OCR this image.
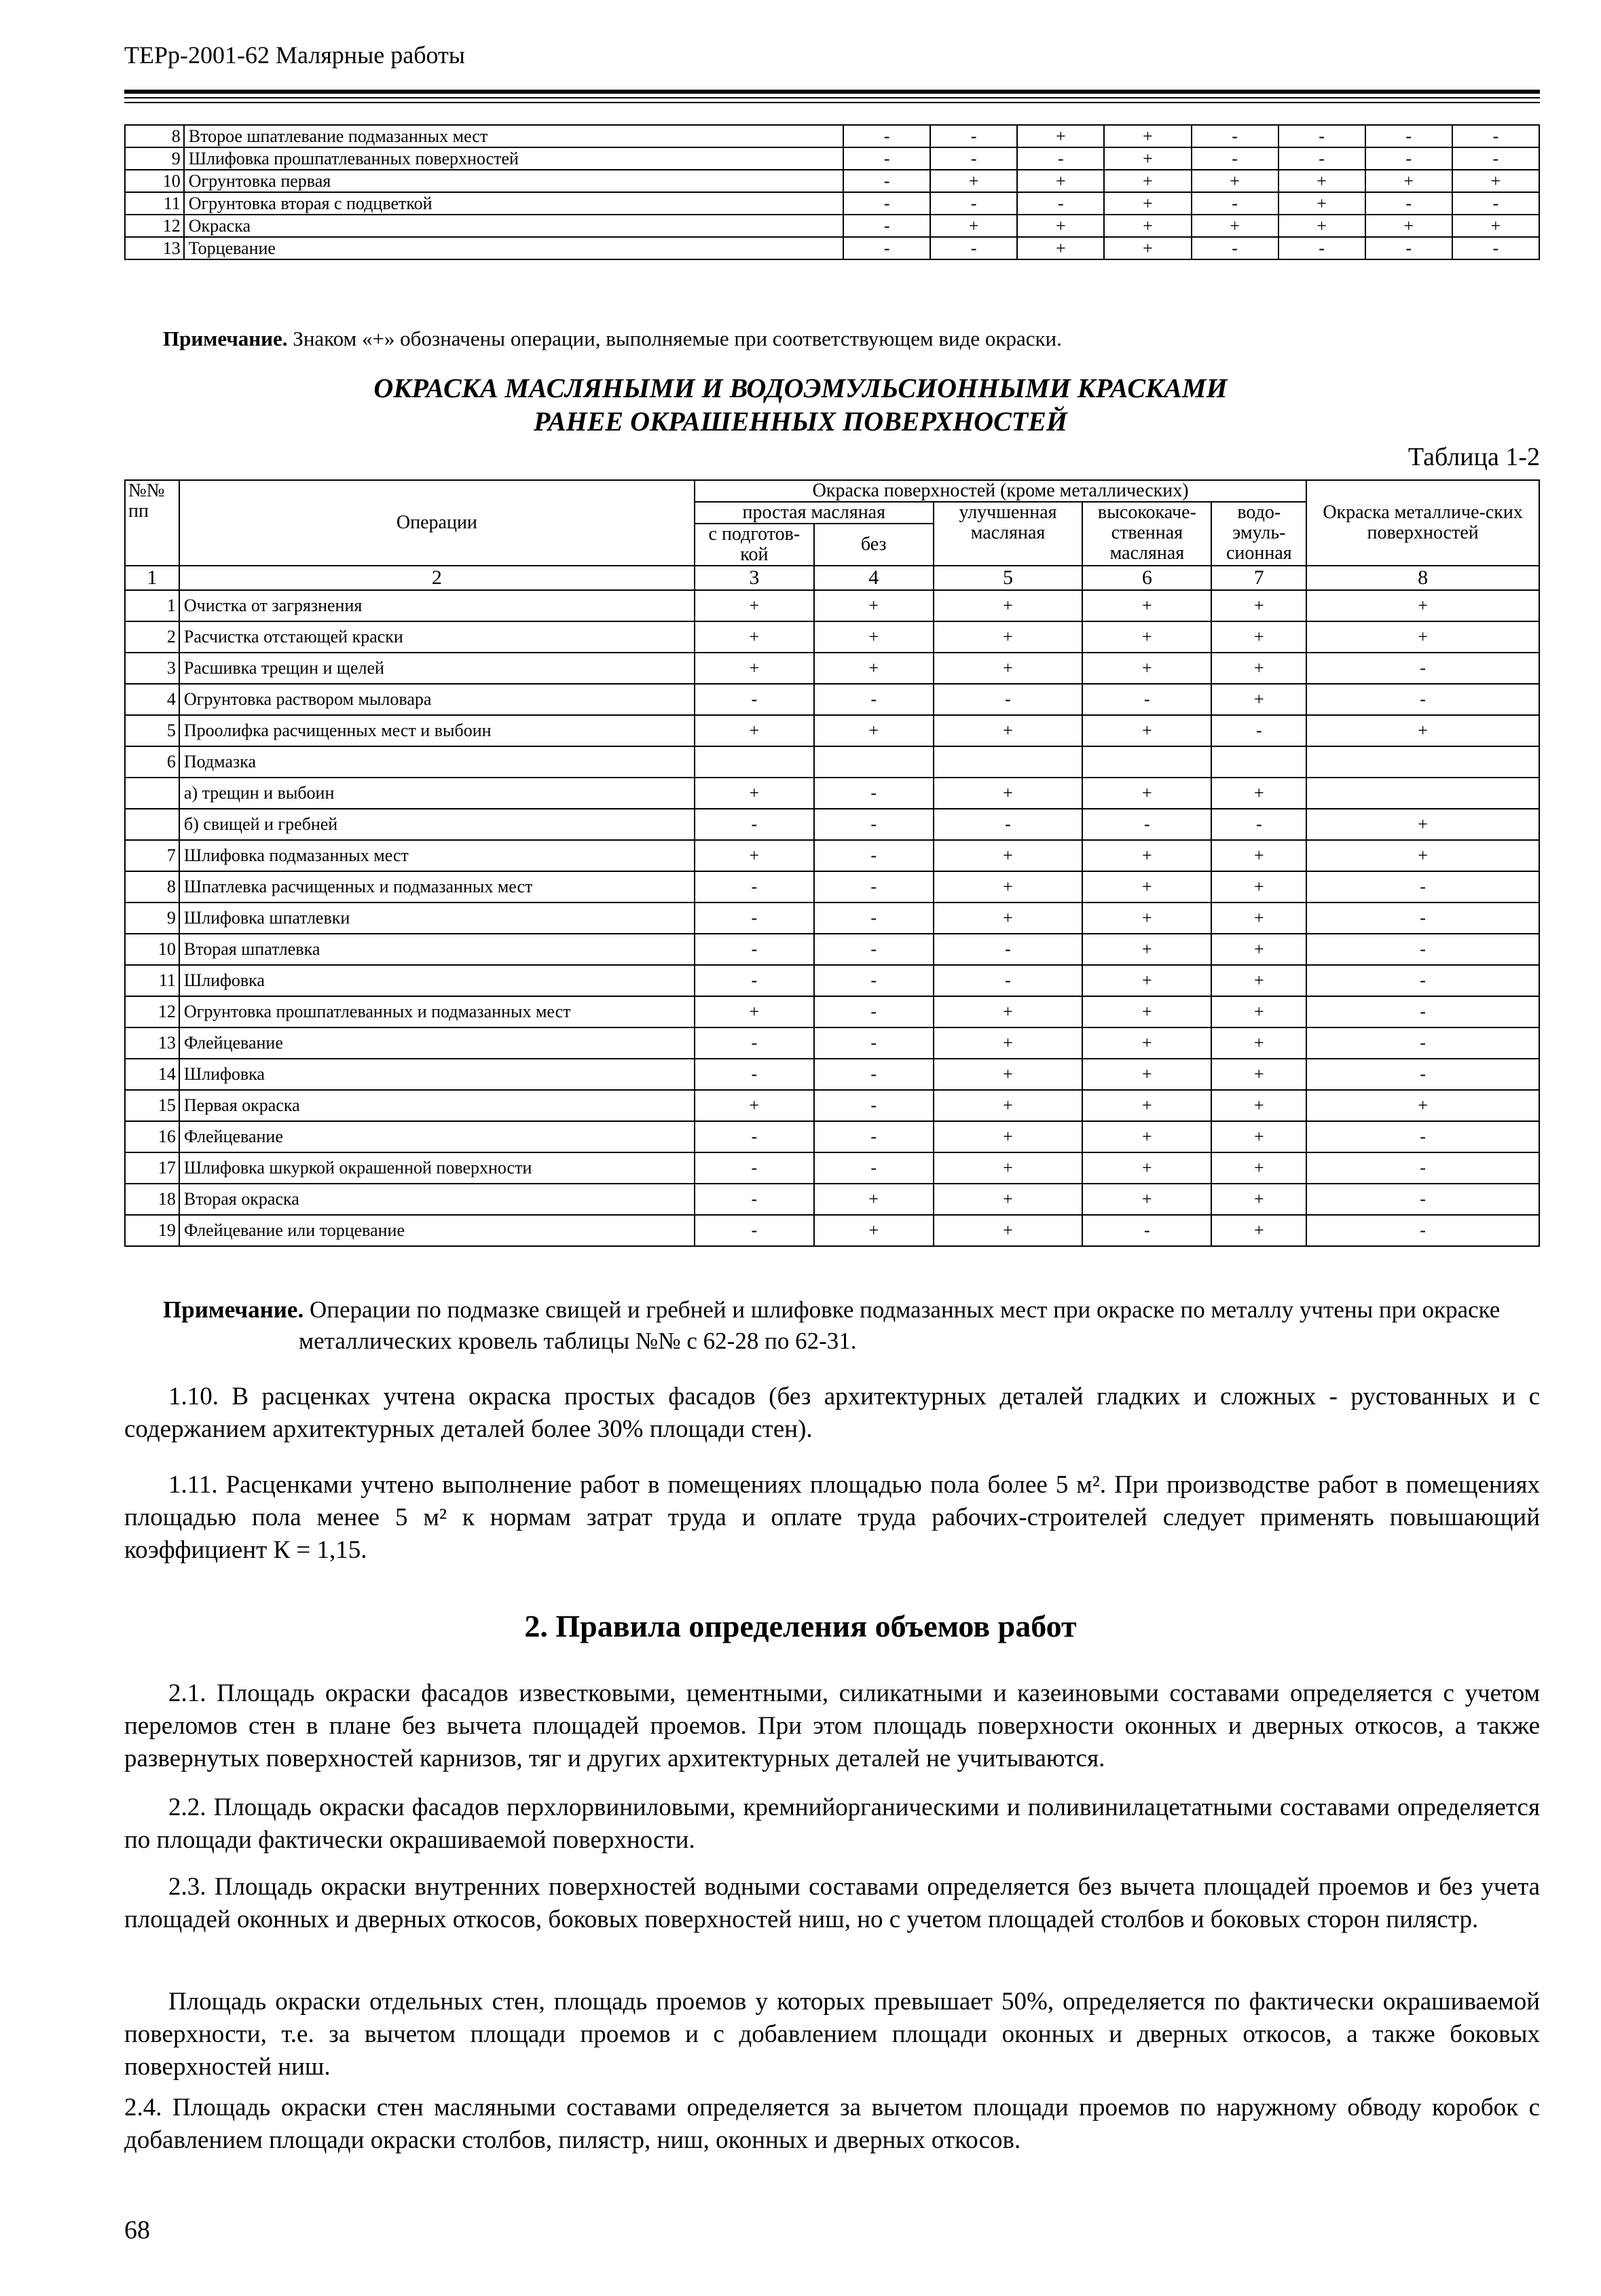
ТЕРр-2001-62 Малярные работы
8	Второе шпатлевание подмазанных мест	-	-	+	+	-	-	-	-
9	Шлифовка прошпатлеванных поверхностей	-	-	-	+	-	-	-	-
10	Огрунтовка первая	-	+	+	+	+	+	+	+
11	Огрунтовка вторая с подцветкой	-	-	-	+	-	+	-	-
12	Окраска	-	+	+	+	+	+	+	+
13	Торцевание	-	-	+	+	-	-	-	-
Примечание. Знаком «+» обозначены операции, выполняемые при соответствующем виде окраски.
ОКРАСКА МАСЛЯНЫМИ И ВОДОЭМУЛЬСИОННЫМИ КРАСКАМИ
РАНЕЕ ОКРАШЕННЫХ ПОВЕРХНОСТЕЙ
Таблица 1-2
№№ пп	Операции	Окраска поверхностей (кроме металлических)					Окраска металличе-ских поверхностей
		простая масляная		улучшенная масляная	высококаче-ственная масляная	водо-эмуль-сионная	
		с подготов-кой	без				
1	2	3	4	5	6	7	8
1	Очистка от загрязнения	+	+	+	+	+	+
2	Расчистка отстающей краски	+	+	+	+	+	+
3	Расшивка трещин и щелей	+	+	+	+	+	-
4	Огрунтовка раствором мыловара	-	-	-	-	+	-
5	Проолифка расчищенных мест и выбоин	+	+	+	+	-	+
6	Подмазка						
	а) трещин и выбоин	+	-	+	+	+	
	б) свищей и гребней	-	-	-	-	-	+
7	Шлифовка подмазанных мест	+	-	+	+	+	+
8	Шпатлевка расчищенных и подмазанных мест	-	-	+	+	+	-
9	Шлифовка шпатлевки	-	-	+	+	+	-
10	Вторая шпатлевка	-	-	-	+	+	-
11	Шлифовка	-	-	-	+	+	-
12	Огрунтовка прошпатлеванных и подмазанных мест	+	-	+	+	+	-
13	Флейцевание	-	-	+	+	+	-
14	Шлифовка	-	-	+	+	+	-
15	Первая окраска	+	-	+	+	+	+
16	Флейцевание	-	-	+	+	+	-
17	Шлифовка шкуркой окрашенной поверхности	-	-	+	+	+	-
18	Вторая окраска	-	+	+	+	+	-
19	Флейцевание или торцевание	-	+	+	-	+	-
Примечание. Операции по подмазке свищей и гребней и шлифовке подмазанных мест при окраске по металлу учтены при окраске
металлических кровель таблицы №№ с 62-28 по 62-31.
1.10. В расценках учтена окраска простых фасадов (без архитектурных деталей гладких и сложных - рустованных и с содержанием архитектурных деталей более 30% площади стен).
1.11. Расценками учтено выполнение работ в помещениях площадью пола более 5 м². При производстве работ в помещениях площадью пола менее 5 м² к нормам затрат труда и оплате труда рабочих-строителей следует применять повышающий коэффициент К = 1,15.
2. Правила определения объемов работ
2.1. Площадь окраски фасадов известковыми, цементными, силикатными и казеиновыми составами определяется с учетом переломов стен в плане без вычета площадей проемов. При этом площадь поверхности оконных и дверных откосов, а также развернутых поверхностей карнизов, тяг и других архитектурных деталей не учитываются.
2.2. Площадь окраски фасадов перхлорвиниловыми, кремнийорганическими и поливинилацетатными составами определяется по площади фактически окрашиваемой поверхности.
2.3. Площадь окраски внутренних поверхностей водными составами определяется без вычета площадей проемов и без учета площадей оконных и дверных откосов, боковых поверхностей ниш, но с учетом площадей столбов и боковых сторон пилястр.
Площадь окраски отдельных стен, площадь проемов у которых превышает 50%, определяется по фактически окрашиваемой поверхности, т.е. за вычетом площади проемов и с добавлением площади оконных и дверных откосов, а также боковых поверхностей ниш.
2.4. Площадь окраски стен масляными составами определяется за вычетом площади проемов по наружному обводу коробок с добавлением площади окраски столбов, пилястр, ниш, оконных и дверных откосов.
68
